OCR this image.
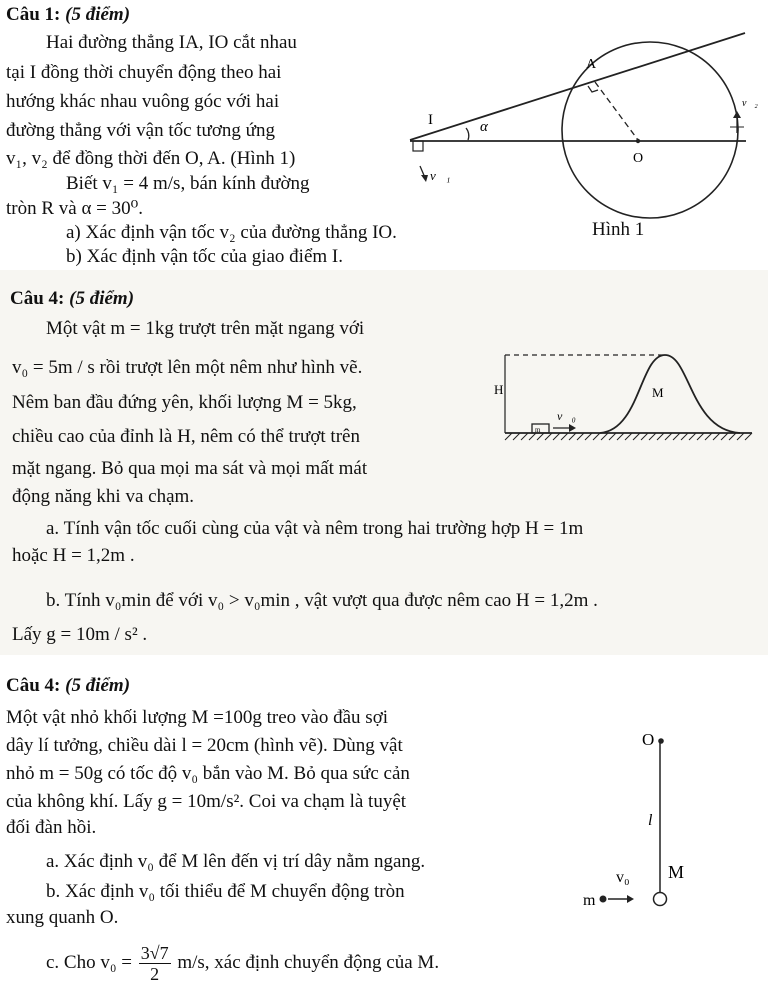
Câu 1: (5 điểm)
Hai đường thẳng IA, IO cắt nhau
tại I đồng thời chuyển động theo hai
hướng khác nhau vuông góc với hai
đường thẳng với vận tốc tương ứng
v₁, v₂ để đồng thời đến O, A. (Hình 1)
Biết v₁ = 4 m/s, bán kính đường
tròn R và α = 30⁰.
a) Xác định vận tốc v₂ của đường thẳng IO.
b) Xác định vận tốc của giao điểm I.
A
I
O
α
v⃗₁
v⃗₂
Hình 1
Câu 4: (5 điểm)
Một vật m = 1kg trượt trên mặt ngang với
v₀ = 5m / s rồi trượt lên một nêm như hình vẽ.
Nêm ban đầu đứng yên, khối lượng M = 5kg,
chiều cao của đỉnh là H, nêm có thể trượt trên
mặt ngang. Bỏ qua mọi ma sát và mọi mất mát
động năng khi va chạm.
a. Tính vận tốc cuối cùng của vật và nêm trong hai trường hợp H = 1m
hoặc H = 1,2m .
b. Tính v₀min để với v₀ > v₀min , vật vượt qua được nêm cao H = 1,2m .
Lấy g = 10m / s² .
H	M
v⃗₀
m
Câu 4: (5 điểm)
Một vật nhỏ khối lượng M =100g treo vào đầu sợi
dây lí tưởng, chiều dài l = 20cm (hình vẽ). Dùng vật
nhỏ m = 50g có tốc độ v₀ bắn vào M. Bỏ qua sức cản
của không khí. Lấy g = 10m/s². Coi va chạm là tuyệt
đối đàn hồi.
a. Xác định v₀ để M lên đến vị trí dây nằm ngang.
b. Xác định v₀ tối thiểu để M chuyển động tròn
xung quanh O.
c. Cho $v_0 = \frac{3√7}{2} m/s$, xác định chuyển động của M.
O
l
v₀ M
m
